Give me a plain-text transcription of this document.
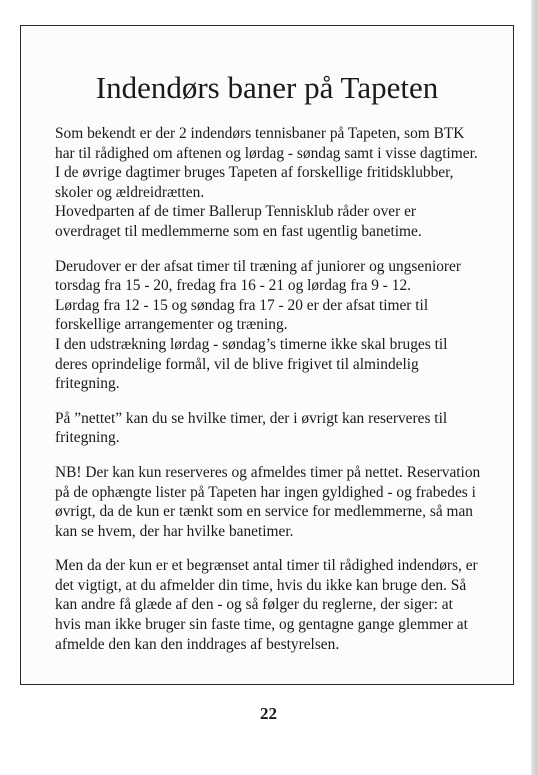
Indendørs baner på Tapeten

Som bekendt er der 2 indendørs tennisbaner på Tapeten, som BTK
har til rådighed om aftenen og lørdag - søndag samt i visse dagtimer.
I de øvrige dagtimer bruges Tapeten af forskellige fritidsklubber,
skoler og ældreidrætten.
Hovedparten af de timer Ballerup Tennisklub råder over er
overdraget til medlemmerne som en fast ugentlig banetime.

Derudover er der afsat timer til træning af juniorer og ungseniorer
torsdag fra 15 - 20, fredag fra 16 - 21 og lørdag fra 9 - 12.
Lørdag fra 12 - 15 og søndag fra 17 - 20 er der afsat timer til
forskellige arrangementer og træning.
I den udstrækning lørdag - søndag’s timerne ikke skal bruges til
deres oprindelige formål, vil de blive frigivet til almindelig
fritegning.

På ”nettet” kan du se hvilke timer, der i øvrigt kan reserveres til
fritegning.

NB! Der kan kun reserveres og afmeldes timer på nettet. Reservation
på de ophængte lister på Tapeten har ingen gyldighed - og frabedes i
øvrigt, da de kun er tænkt som en service for medlemmerne, så man
kan se hvem, der har hvilke banetimer.

Men da der kun er et begrænset antal timer til rådighed indendørs, er
det vigtigt, at du afmelder din time, hvis du ikke kan bruge den. Så
kan andre få glæde af den - og så følger du reglerne, der siger: at
hvis man ikke bruger sin faste time, og gentagne gange glemmer at
afmelde den kan den inddrages af bestyrelsen.

22
